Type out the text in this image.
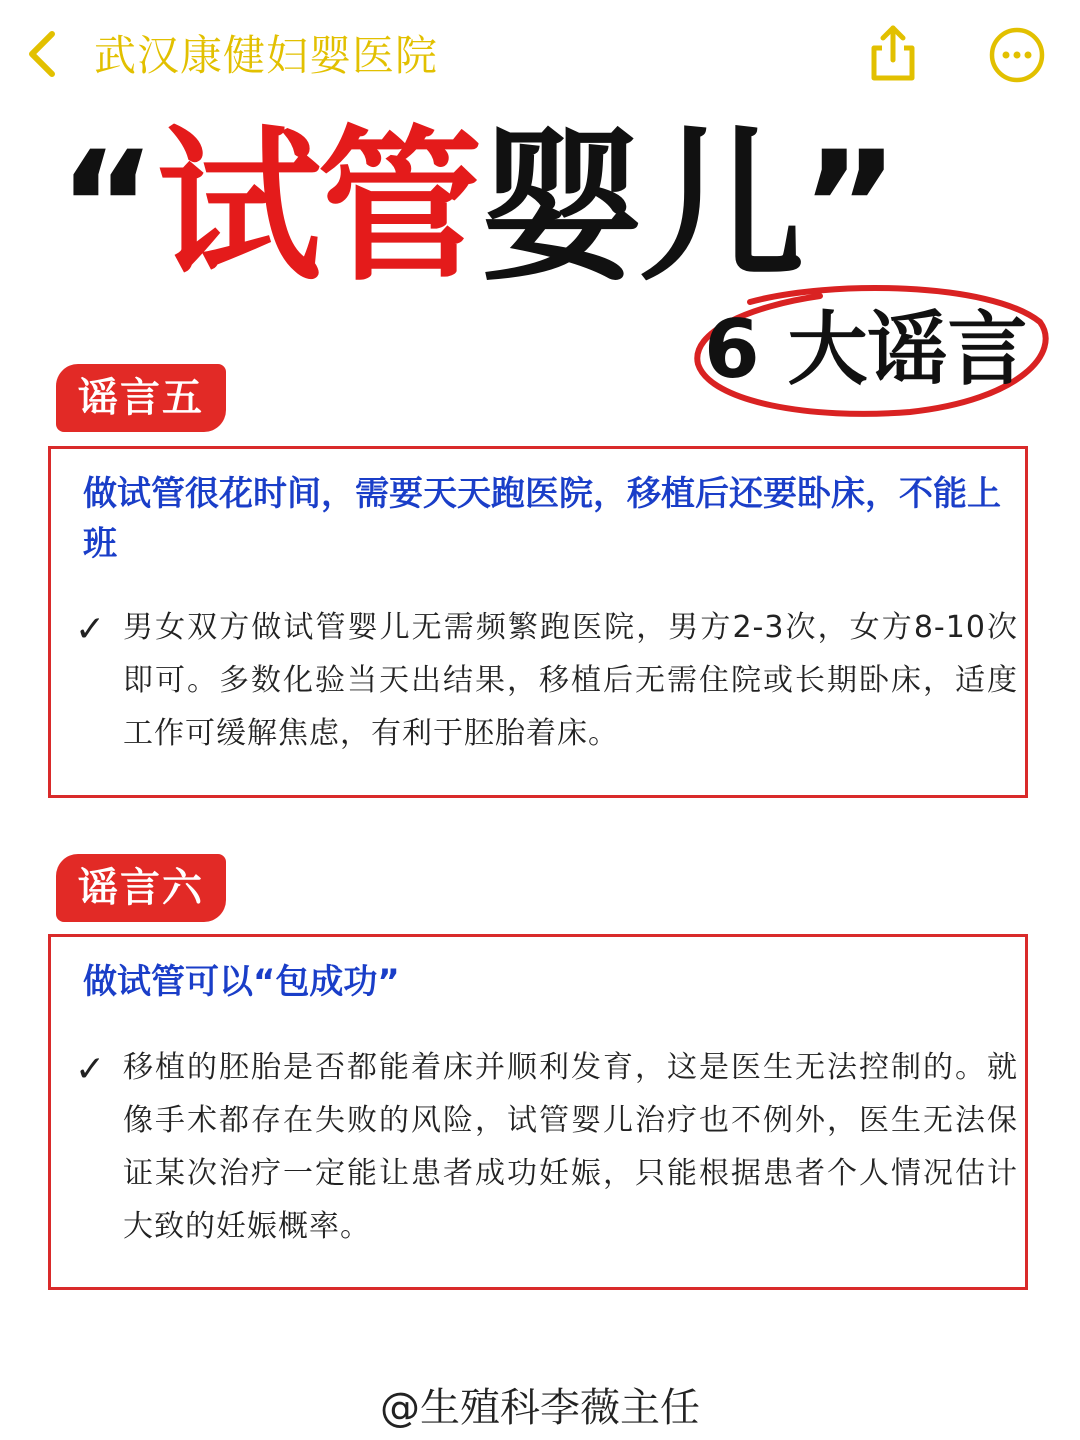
武汉康健妇婴医院
“试管婴儿”
6 大谣言
谣言五
做试管很花时间，需要天天跑医院，移植后还要卧床，不能上班
✓ 男女双方做试管婴儿无需频繁跑医院，男方2-3次，女方8-10次即可。多数化验当天出结果，移植后无需住院或长期卧床，适度工作可缓解焦虑，有利于胚胎着床。
谣言六
做试管可以“包成功”
✓ 移植的胚胎是否都能着床并顺利发育，这是医生无法控制的。就像手术都存在失败的风险，试管婴儿治疗也不例外，医生无法保证某次治疗一定能让患者成功妊娠，只能根据患者个人情况估计大致的妊娠概率。
@生殖科李薇主任
